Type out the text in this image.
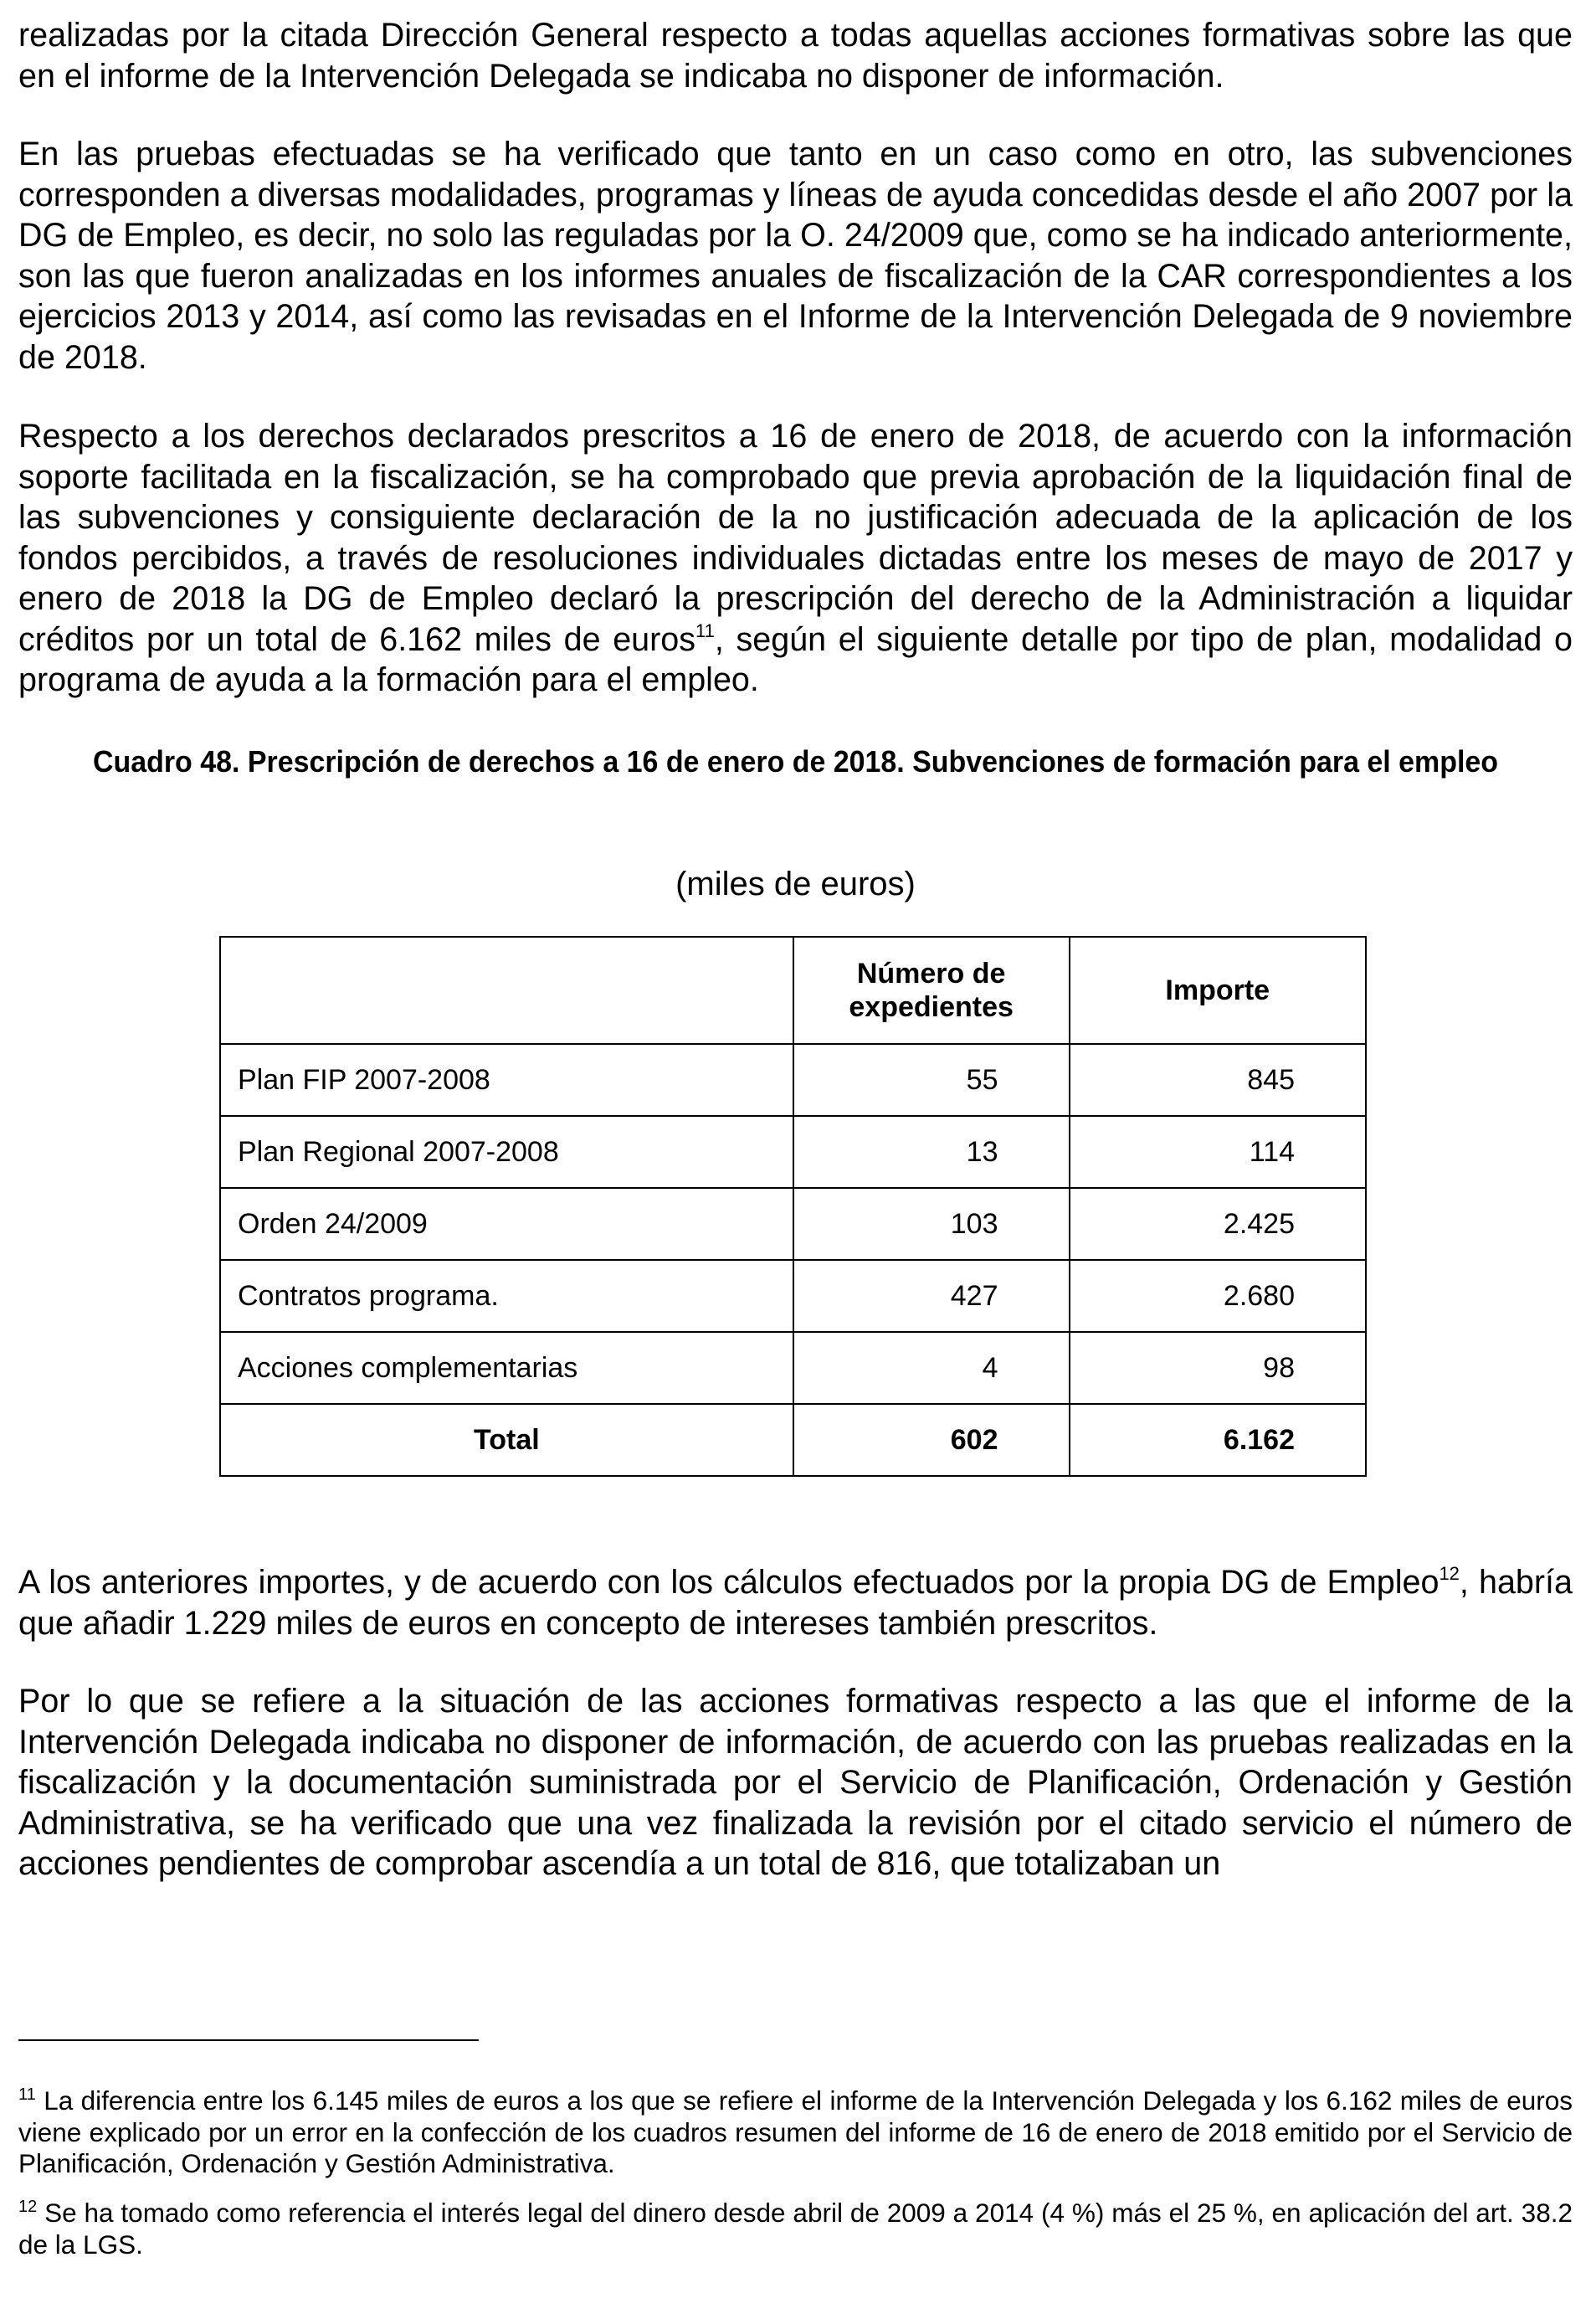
realizadas por la citada Dirección General respecto a todas aquellas acciones formativas sobre las que en el informe de la Intervención Delegada se indicaba no disponer de información.

En las pruebas efectuadas se ha verificado que tanto en un caso como en otro, las subvenciones corresponden a diversas modalidades, programas y líneas de ayuda concedidas desde el año 2007 por la DG de Empleo, es decir, no solo las reguladas por la O. 24/2009 que, como se ha indicado anteriormente, son las que fueron analizadas en los informes anuales de fiscalización de la CAR correspondientes a los ejercicios 2013 y 2014, así como las revisadas en el Informe de la Intervención Delegada de 9 noviembre de 2018.

Respecto a los derechos declarados prescritos a 16 de enero de 2018, de acuerdo con la información soporte facilitada en la fiscalización, se ha comprobado que previa aprobación de la liquidación final de las subvenciones y consiguiente declaración de la no justificación adecuada de la aplicación de los fondos percibidos, a través de resoluciones individuales dictadas entre los meses de mayo de 2017 y enero de 2018 la DG de Empleo declaró la prescripción del derecho de la Administración a liquidar créditos por un total de 6.162 miles de euros$^{11}$, según el siguiente detalle por tipo de plan, modalidad o programa de ayuda a la formación para el empleo.

Cuadro 48. Prescripción de derechos a 16 de enero de 2018. Subvenciones de formación para el empleo
(miles de euros)
	Número de expedientes	Importe
Plan FIP 2007-2008	55	845
Plan Regional 2007-2008	13	114
Orden 24/2009	103	2.425
Contratos programa.	427	2.680
Acciones complementarias	4	98
Total	602	6.162

A los anteriores importes, y de acuerdo con los cálculos efectuados por la propia DG de Empleo$^{12}$, habría que añadir 1.229 miles de euros en concepto de intereses también prescritos.

Por lo que se refiere a la situación de las acciones formativas respecto a las que el informe de la Intervención Delegada indicaba no disponer de información, de acuerdo con las pruebas realizadas en la fiscalización y la documentación suministrada por el Servicio de Planificación, Ordenación y Gestión Administrativa, se ha verificado que una vez finalizada la revisión por el citado servicio el número de acciones pendientes de comprobar ascendía a un total de 816, que totalizaban un

$^{11}$ La diferencia entre los 6.145 miles de euros a los que se refiere el informe de la Intervención Delegada y los 6.162 miles de euros viene explicado por un error en la confección de los cuadros resumen del informe de 16 de enero de 2018 emitido por el Servicio de Planificación, Ordenación y Gestión Administrativa.

$^{12}$ Se ha tomado como referencia el interés legal del dinero desde abril de 2009 a 2014 (4 %) más el 25 %, en aplicación del art. 38.2 de la LGS.
